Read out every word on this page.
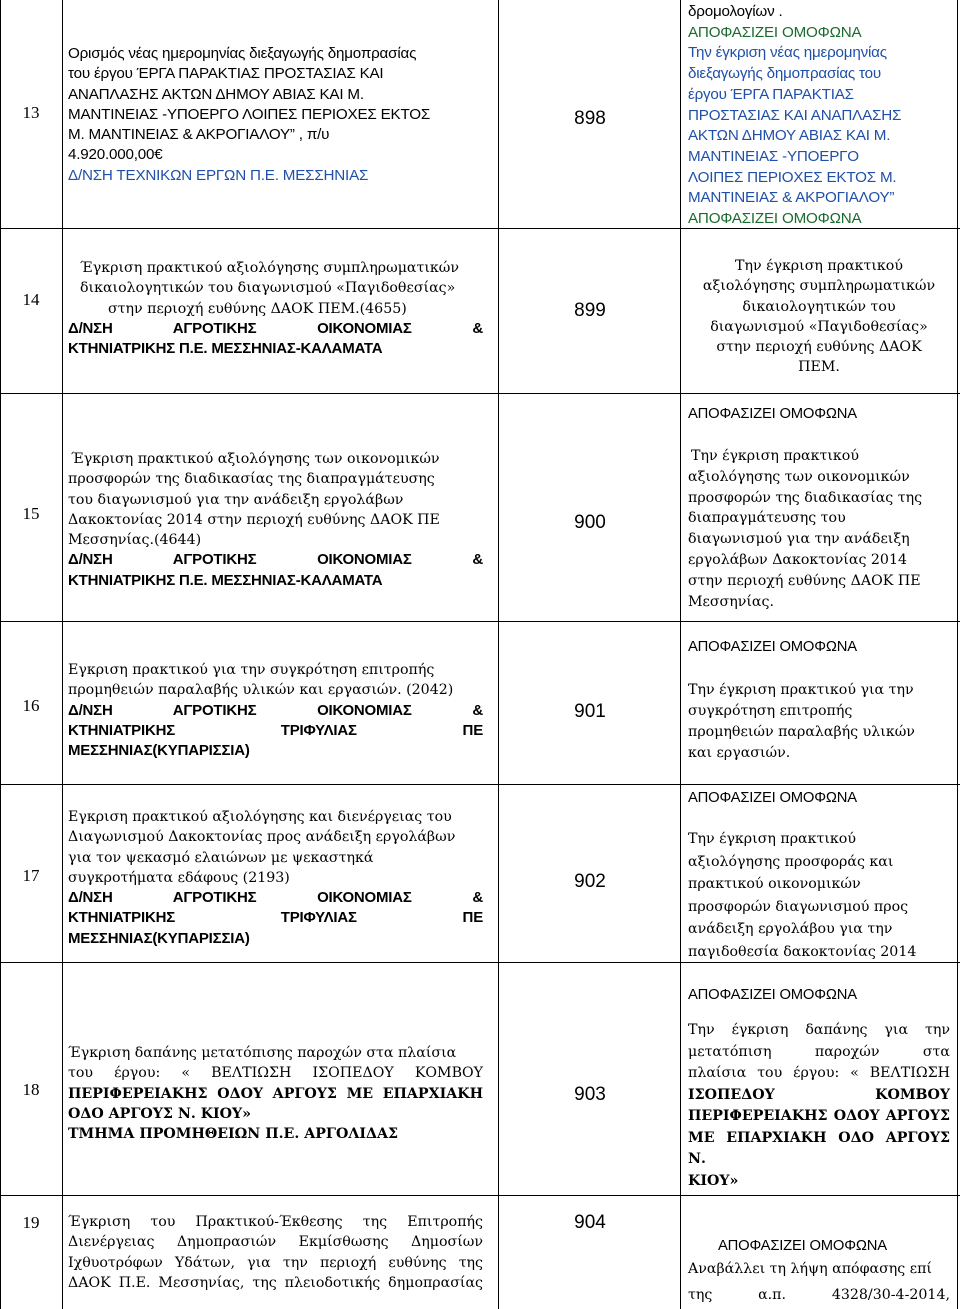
13
Ορισμός νέας ημερομηνίας διεξαγωγής δημοπρασίας
του έργου ΈΡΓΑ ΠΑΡΑΚΤΙΑΣ ΠΡΟΣΤΑΣΙΑΣ ΚΑΙ
ΑΝΑΠΛΑΣΗΣ ΑΚΤΩΝ ΔΗΜΟΥ ΑΒΙΑΣ ΚΑΙ Μ.
ΜΑΝΤΙΝΕΙΑΣ -ΥΠΟΕΡΓΟ ΛΟΙΠΕΣ ΠΕΡΙΟΧΕΣ ΕΚΤΟΣ
Μ. ΜΑΝΤΙΝΕΙΑΣ & ΑΚΡΟΓΙΑΛΟΥ” , π/υ
4.920.000,00€
Δ/ΝΣΗ ΤΕΧΝΙΚΩΝ ΕΡΓΩΝ Π.Ε. ΜΕΣΣΗΝΙΑΣ
898
δρομολογίων .
ΑΠΟΦΑΣΙΖΕΙ ΟΜΟΦΩΝΑ
Την έγκριση νέας ημερομηνίας
διεξαγωγής δημοπρασίας του
έργου ΈΡΓΑ ΠΑΡΑΚΤΙΑΣ
ΠΡΟΣΤΑΣΙΑΣ ΚΑΙ ΑΝΑΠΛΑΣΗΣ
ΑΚΤΩΝ ΔΗΜΟΥ ΑΒΙΑΣ ΚΑΙ Μ.
ΜΑΝΤΙΝΕΙΑΣ -ΥΠΟΕΡΓΟ
ΛΟΙΠΕΣ ΠΕΡΙΟΧΕΣ ΕΚΤΟΣ Μ.
ΜΑΝΤΙΝΕΙΑΣ & ΑΚΡΟΓΙΑΛΟΥ”
ΑΠΟΦΑΣΙΖΕΙ ΟΜΟΦΩΝΑ
14
Έγκριση πρακτικού αξιολόγησης συμπληρωματικών
δικαιολογητικών του διαγωνισμού «Παγιδοθεσίας»
στην περιοχή ευθύνης ΔΑΟΚ ΠΕΜ.(4655)
Δ/ΝΣΗ ΑΓΡΟΤΙΚΗΣ ΟΙΚΟΝΟΜΙΑΣ &
ΚΤΗΝΙΑΤΡΙΚΗΣ Π.Ε. ΜΕΣΣΗΝΙΑΣ-ΚΑΛΑΜΑΤΑ
899
Την έγκριση πρακτικού
αξιολόγησης συμπληρωματικών
δικαιολογητικών του
διαγωνισμού «Παγιδοθεσίας»
στην περιοχή ευθύνης ΔΑΟΚ
ΠΕΜ.
15
Έγκριση πρακτικού αξιολόγησης των οικονομικών
προσφορών της διαδικασίας της διαπραγμάτευσης
του διαγωνισμού για την ανάδειξη εργολάβων
Δακοκτονίας 2014 στην περιοχή ευθύνης ΔΑΟΚ ΠΕ
Μεσσηνίας.(4644)
Δ/ΝΣΗ ΑΓΡΟΤΙΚΗΣ ΟΙΚΟΝΟΜΙΑΣ &
ΚΤΗΝΙΑΤΡΙΚΗΣ Π.Ε. ΜΕΣΣΗΝΙΑΣ-ΚΑΛΑΜΑΤΑ
900
ΑΠΟΦΑΣΙΖΕΙ ΟΜΟΦΩΝΑ
Την έγκριση πρακτικού
αξιολόγησης των οικονομικών
προσφορών της διαδικασίας της
διαπραγμάτευσης του
διαγωνισμού για την ανάδειξη
εργολάβων Δακοκτονίας 2014
στην περιοχή ευθύνης ΔΑΟΚ ΠΕ
Μεσσηνίας.
16
Εγκριση πρακτικού για την συγκρότηση επιτροπής
προμηθειών παραλαβής υλικών και εργασιών. (2042)
Δ/ΝΣΗ ΑΓΡΟΤΙΚΗΣ ΟΙΚΟΝΟΜΙΑΣ &
ΚΤΗΝΙΑΤΡΙΚΗΣ ΤΡΙΦΥΛΙΑΣ ΠΕ
ΜΕΣΣΗΝΙΑΣ(ΚΥΠΑΡΙΣΣΙΑ)
901
ΑΠΟΦΑΣΙΖΕΙ ΟΜΟΦΩΝΑ
Την έγκριση πρακτικού για την
συγκρότηση επιτροπής
προμηθειών παραλαβής υλικών
και εργασιών.
17
Εγκριση πρακτικού αξιολόγησης και διενέργειας του
Διαγωνισμού Δακοκτονίας προς ανάδειξη εργολάβων
για τον ψεκασμό ελαιώνων με ψεκαστηκά
συγκροτήματα εδάφους (2193)
Δ/ΝΣΗ ΑΓΡΟΤΙΚΗΣ ΟΙΚΟΝΟΜΙΑΣ &
ΚΤΗΝΙΑΤΡΙΚΗΣ ΤΡΙΦΥΛΙΑΣ ΠΕ
ΜΕΣΣΗΝΙΑΣ(ΚΥΠΑΡΙΣΣΙΑ)
902
ΑΠΟΦΑΣΙΖΕΙ ΟΜΟΦΩΝΑ
Την έγκριση πρακτικού
αξιολόγησης προσφοράς και
πρακτικού οικονομικών
προσφορών διαγωνισμού προς
ανάδειξη εργολάβου για την
παγιδοθεσία δακοκτονίας 2014
18
Έγκριση δαπάνης μετατόπισης παροχών στα πλαίσια
του έργου: « ΒΕΛΤΙΩΣΗ ΙΣΟΠΕΔΟΥ ΚΟΜΒΟΥ
ΠΕΡΙΦΕΡΕΙΑΚΗΣ ΟΔΟΥ ΑΡΓΟΥΣ ΜΕ ΕΠΑΡΧΙΑΚΗ
ΟΔΟ ΑΡΓΟΥΣ Ν. ΚΙΟΥ»
ΤΜΗΜΑ ΠΡΟΜΗΘΕΙΩΝ Π.Ε. ΑΡΓΟΛΙΔΑΣ
903
ΑΠΟΦΑΣΙΖΕΙ ΟΜΟΦΩΝΑ
Την έγκριση δαπάνης για την
μετατόπιση παροχών στα
πλαίσια του έργου: « ΒΕΛΤΙΩΣΗ
ΙΣΟΠΕΔΟΥ ΚΟΜΒΟΥ
ΠΕΡΙΦΕΡΕΙΑΚΗΣ ΟΔΟΥ ΑΡΓΟΥΣ
ΜΕ ΕΠΑΡΧΙΑΚΗ ΟΔΟ ΑΡΓΟΥΣ Ν.
ΚΙΟΥ»
19	Έγκριση του Πρακτικού-Έκθεσης της Επιτροπής
Διενέργειας Δημοπρασιών Εκμίσθωσης Δημοσίων
Ιχθυοτρόφων Υδάτων, για την περιοχή ευθύνης της
ΔΑΟΚ Π.Ε. Μεσσηνίας, της πλειοδοτικής δημοπρασίας
904
ΑΠΟΦΑΣΙΖΕΙ ΟΜΟΦΩΝΑ
Αναβάλλει τη λήψη απόφασης επί
της α.π. 4328/30-4-2014,
